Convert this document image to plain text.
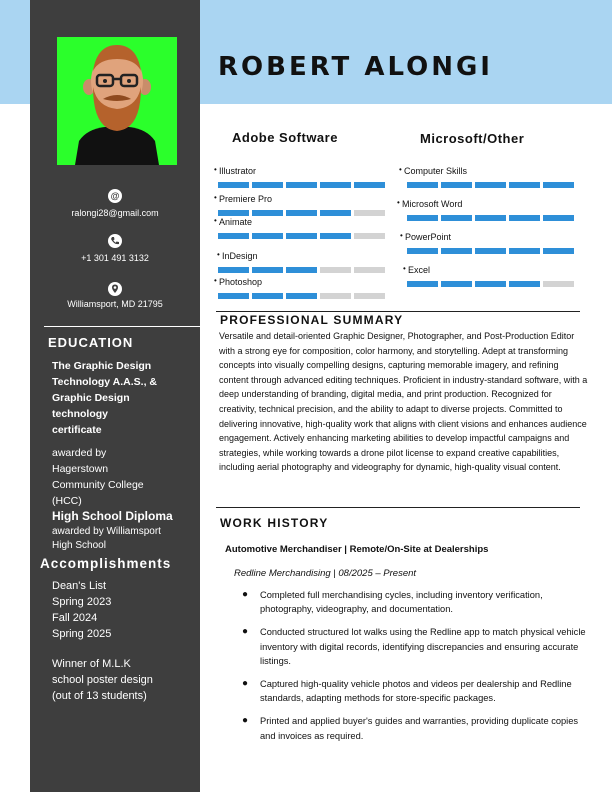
ROBERT ALONGI
@
ralongi28@gmail.com
+1 301 491 3132
Williamsport, MD 21795
EDUCATION
The Graphic Design
Technology A.A.S., &
Graphic Design
technology
certificate
awarded by
Hagerstown
Community College
(HCC)
High School Diploma
awarded by Williamsport
High School
Accomplishments
Dean's List
Spring 2023
Fall 2024
Spring 2025
Winner of M.L.K
school poster design
(out of 13 students)
Adobe Software	Microsoft/Other
• Illustrator
• Premiere Pro
• Animate
• InDesign
• Photoshop
• Computer Skills
• Microsoft Word
• PowerPoint
• Excel
PROFESSIONAL SUMMARY
Versatile and detail-oriented Graphic Designer, Photographer, and Post-Production Editor with a strong eye for composition, color harmony, and storytelling. Adept at transforming concepts into visually compelling designs, capturing memorable imagery, and refining content through advanced editing techniques. Proficient in industry-standard software, with a deep understanding of branding, digital media, and print production. Recognized for creativity, technical precision, and the ability to adapt to diverse projects. Committed to delivering innovative, high-quality work that aligns with client visions and enhances audience engagement. Actively enhancing marketing abilities to develop impactful campaigns and strategies, while working towards a drone pilot license to expand creative capabilities, including aerial photography and videography for dynamic, high-quality visual content.
WORK HISTORY
Automotive Merchandiser | Remote/On-Site at Dealerships
Redline Merchandising | 08/2025 – Present
● Completed full merchandising cycles, including inventory verification, photography, videography, and documentation.
● Conducted structured lot walks using the Redline app to match physical vehicle inventory with digital records, identifying discrepancies and ensuring accurate listings.
● Captured high-quality vehicle photos and videos per dealership and Redline standards, adapting methods for store-specific packages.
● Printed and applied buyer's guides and warranties, providing duplicate copies and invoices as required.
